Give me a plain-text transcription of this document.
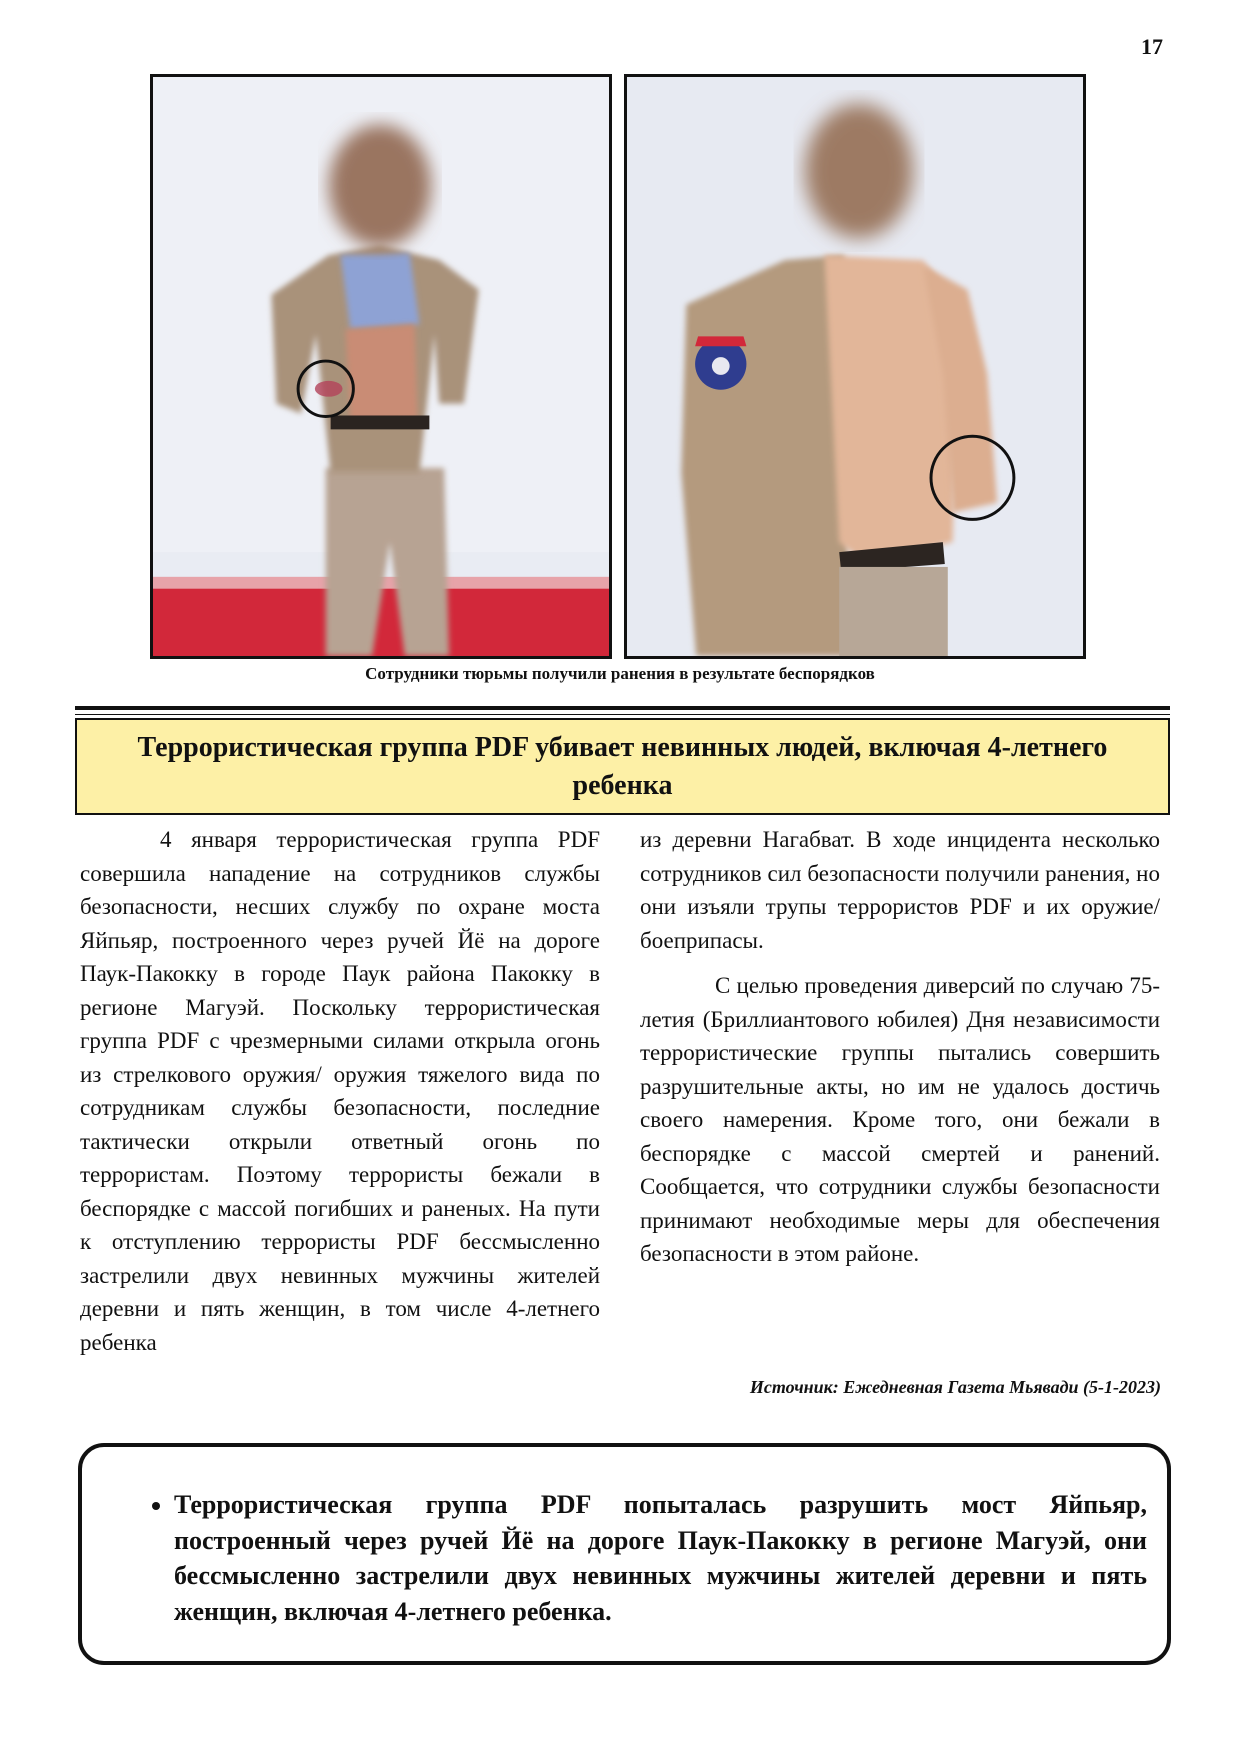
17
Сотрудники тюрьмы получили ранения в результате беспорядков
Террористическая группа PDF убивает невинных людей, включая 4-летнего ребенка

4 января террористическая группа PDF совершила нападение на сотрудников службы безопасности, несших службу по охране моста Яйпьяр, построенного через ручей Йё на дороге Паук-Пакокку в городе Паук района Пакокку в регионе Магуэй. Поскольку террористическая группа PDF с чрезмерными силами открыла огонь из стрелкового оружия/ оружия тяжелого вида по сотрудникам службы безопасности, последние тактически открыли ответный огонь по террористам. Поэтому террористы бежали в беспорядке с массой погибших и раненых. На пути к отступлению террористы PDF бессмысленно застрелили двух невинных мужчины жителей деревни и пять женщин, в том числе 4-летнего ребенка

из деревни Нагабват. В ходе инцидента несколько сотрудников сил безопасности получили ранения, но они изъяли трупы террористов PDF и их оружие/боеприпасы.

С целью проведения диверсий по случаю 75-летия (Бриллиантового юбилея) Дня независимости террористические группы пытались совершить разрушительные акты, но им не удалось достичь своего намерения. Кроме того, они бежали в беспорядке с массой смертей и ранений. Сообщается, что сотрудники службы безопасности принимают необходимые меры для обеспечения безопасности в этом районе.

Источник: Ежедневная Газета Мьявади (5-1-2023)
• Террористическая группа PDF попыталась разрушить мост Яйпьяр, построенный через ручей Йё на дороге Паук-Пакокку в регионе Магуэй, они бессмысленно застрелили двух невинных мужчины жителей деревни и пять женщин, включая 4-летнего ребенка.
